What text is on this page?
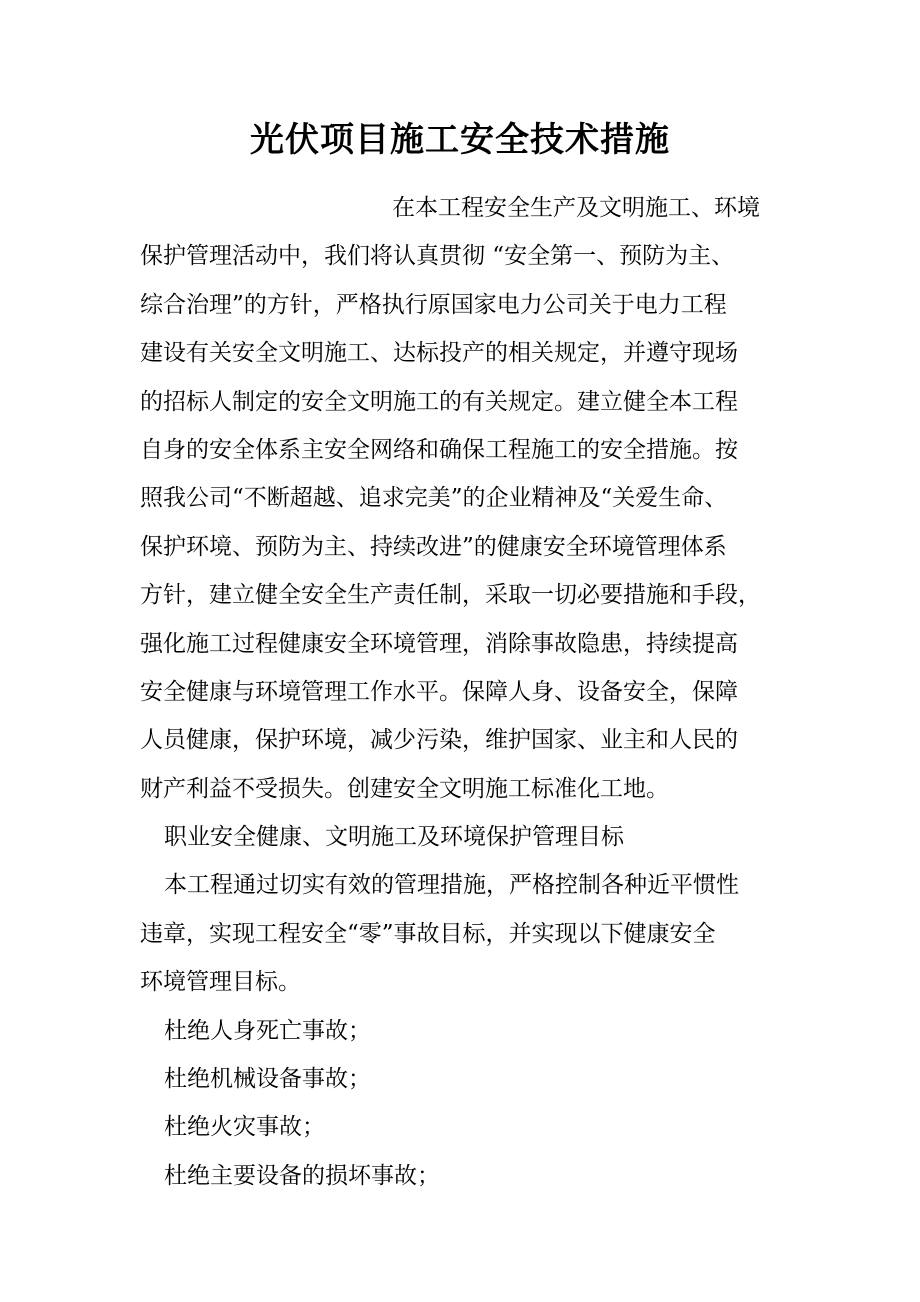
光伏项目施工安全技术措施
在本工程安全生产及文明施工、环境
保护管理活动中，我们将认真贯彻 “安全第一、预防为主、
综合治理”的方针，严格执行原国家电力公司关于电力工程
建设有关安全文明施工、达标投产的相关规定，并遵守现场
的招标人制定的安全文明施工的有关规定。建立健全本工程
自身的安全体系主安全网络和确保工程施工的安全措施。按
照我公司“不断超越、追求完美”的企业精神及“关爱生命、
保护环境、预防为主、持续改进”的健康安全环境管理体系
方针，建立健全安全生产责任制，采取一切必要措施和手段，
强化施工过程健康安全环境管理，消除事故隐患，持续提高
安全健康与环境管理工作水平。保障人身、设备安全，保障
人员健康，保护环境，减少污染，维护国家、业主和人民的
财产利益不受损失。创建安全文明施工标准化工地。
职业安全健康、文明施工及环境保护管理目标
本工程通过切实有效的管理措施，严格控制各种近平惯性
违章，实现工程安全“零”事故目标，并实现以下健康安全
环境管理目标。
杜绝人身死亡事故；
杜绝机械设备事故；
杜绝火灾事故；
杜绝主要设备的损坏事故；
